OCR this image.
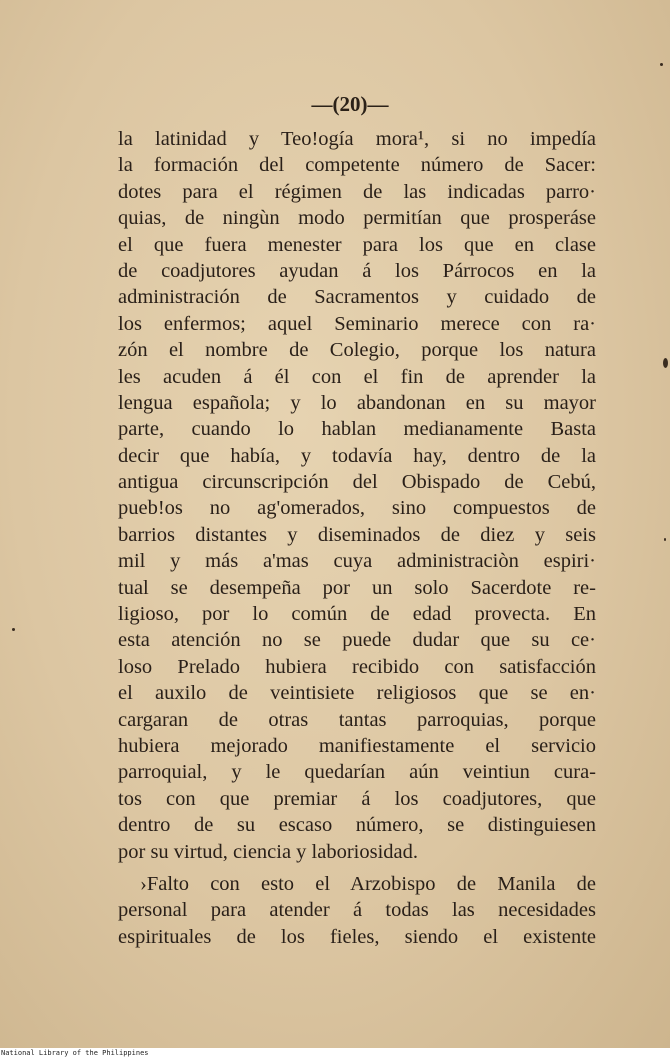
—(20)—
la latinidad y Teo!ogía mora¹, si no impedía
la formación del competente número de Sacer:
dotes para el régimen de las indicadas parro·
quias, de ningùn modo permitían que prosperáse
el que fuera menester para los que en clase
de coadjutores ayudan á los Párrocos en la
administración de Sacramentos y cuidado de
los enfermos; aquel Seminario merece con ra·
zón el nombre de Colegio, porque los natura
les acuden á él con el fin de aprender la
lengua española; y lo abandonan en su mayor
parte, cuando lo hablan medianamente Basta
decir que había, y todavía hay, dentro de la
antigua circunscripción del Obispado de Cebú,
pueb!os no ag'omerados, sino compuestos de
barrios distantes y diseminados de diez y seis
mil y más a'mas cuya administraciòn espiri·
tual se desempeña por un solo Sacerdote re-
ligioso, por lo común de edad provecta. En
esta atención no se puede dudar que su ce·
loso Prelado hubiera recibido con satisfacción
el auxilo de veintisiete religiosos que se en·
cargaran de otras tantas parroquias, porque
hubiera mejorado manifiestamente el servicio
parroquial, y le quedarían aún veintiun cura-
tos con que premiar á los coadjutores, que
dentro de su escaso número, se distinguiesen
por su virtud, ciencia y laboriosidad.
›Falto con esto el Arzobispo de Manila de
personal para atender á todas las necesidades
espirituales de los fieles, siendo el existente
National Library of the Philippines
